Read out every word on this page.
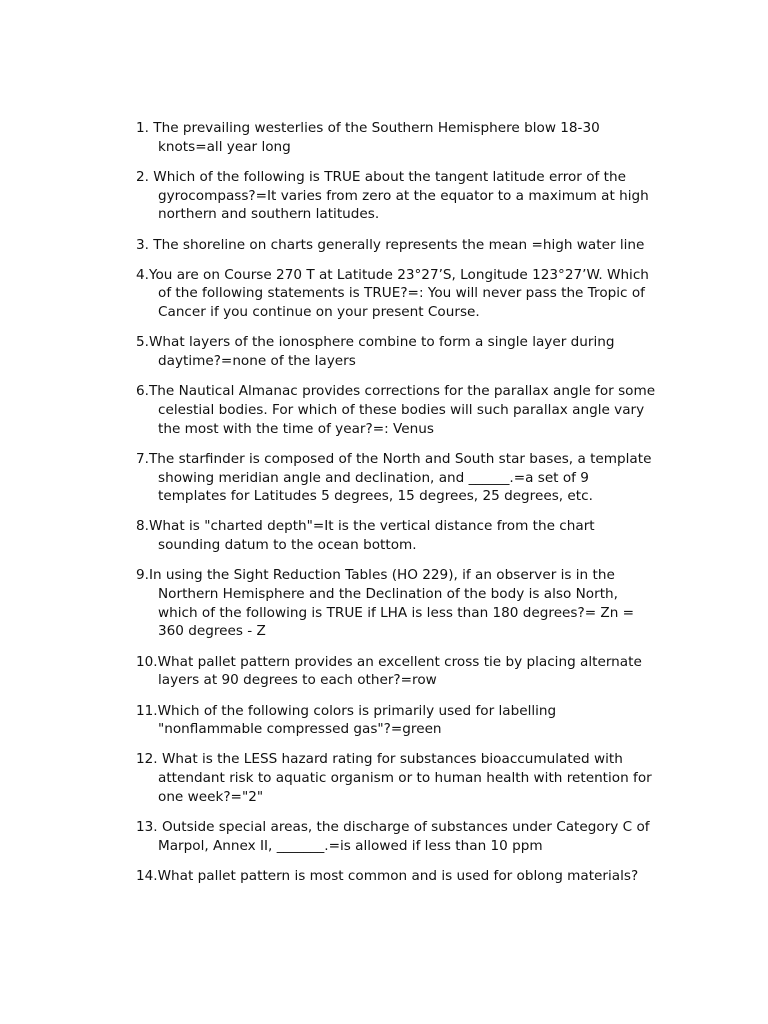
1. The prevailing westerlies of the Southern Hemisphere blow 18-30 knots=all year long
2. Which of the following is TRUE about the tangent latitude error of the gyrocompass?=It varies from zero at the equator to a maximum at high northern and southern latitudes.
3. The shoreline on charts generally represents the mean =high water line
4.You are on Course 270 T at Latitude 23°27’S, Longitude 123°27’W. Which of the following statements is TRUE?=: You will never pass the Tropic of Cancer if you continue on your present Course.
5.What layers of the ionosphere combine to form a single layer during daytime?=none of the layers
6.The Nautical Almanac provides corrections for the parallax angle for some celestial bodies. For which of these bodies will such parallax angle vary the most with the time of year?=: Venus
7.The starfinder is composed of the North and South star bases, a template showing meridian angle and declination, and ______.=a set of 9 templates for Latitudes 5 degrees, 15 degrees, 25 degrees, etc.
8.What is "charted depth"=It is the vertical distance from the chart sounding datum to the ocean bottom.
9.In using the Sight Reduction Tables (HO 229), if an observer is in the Northern Hemisphere and the Declination of the body is also North, which of the following is TRUE if LHA is less than 180 degrees?= Zn = 360 degrees - Z
10.What pallet pattern provides an excellent cross tie by placing alternate layers at 90 degrees to each other?=row
11.Which of the following colors is primarily used for labelling "nonflammable compressed gas"?=green
12. What is the LESS hazard rating for substances bioaccumulated with attendant risk to aquatic organism or to human health with retention for one week?="2"
13. Outside special areas, the discharge of substances under Category C of Marpol, Annex II, _______.=is allowed if less than 10 ppm
14.What pallet pattern is most common and is used for oblong materials?
